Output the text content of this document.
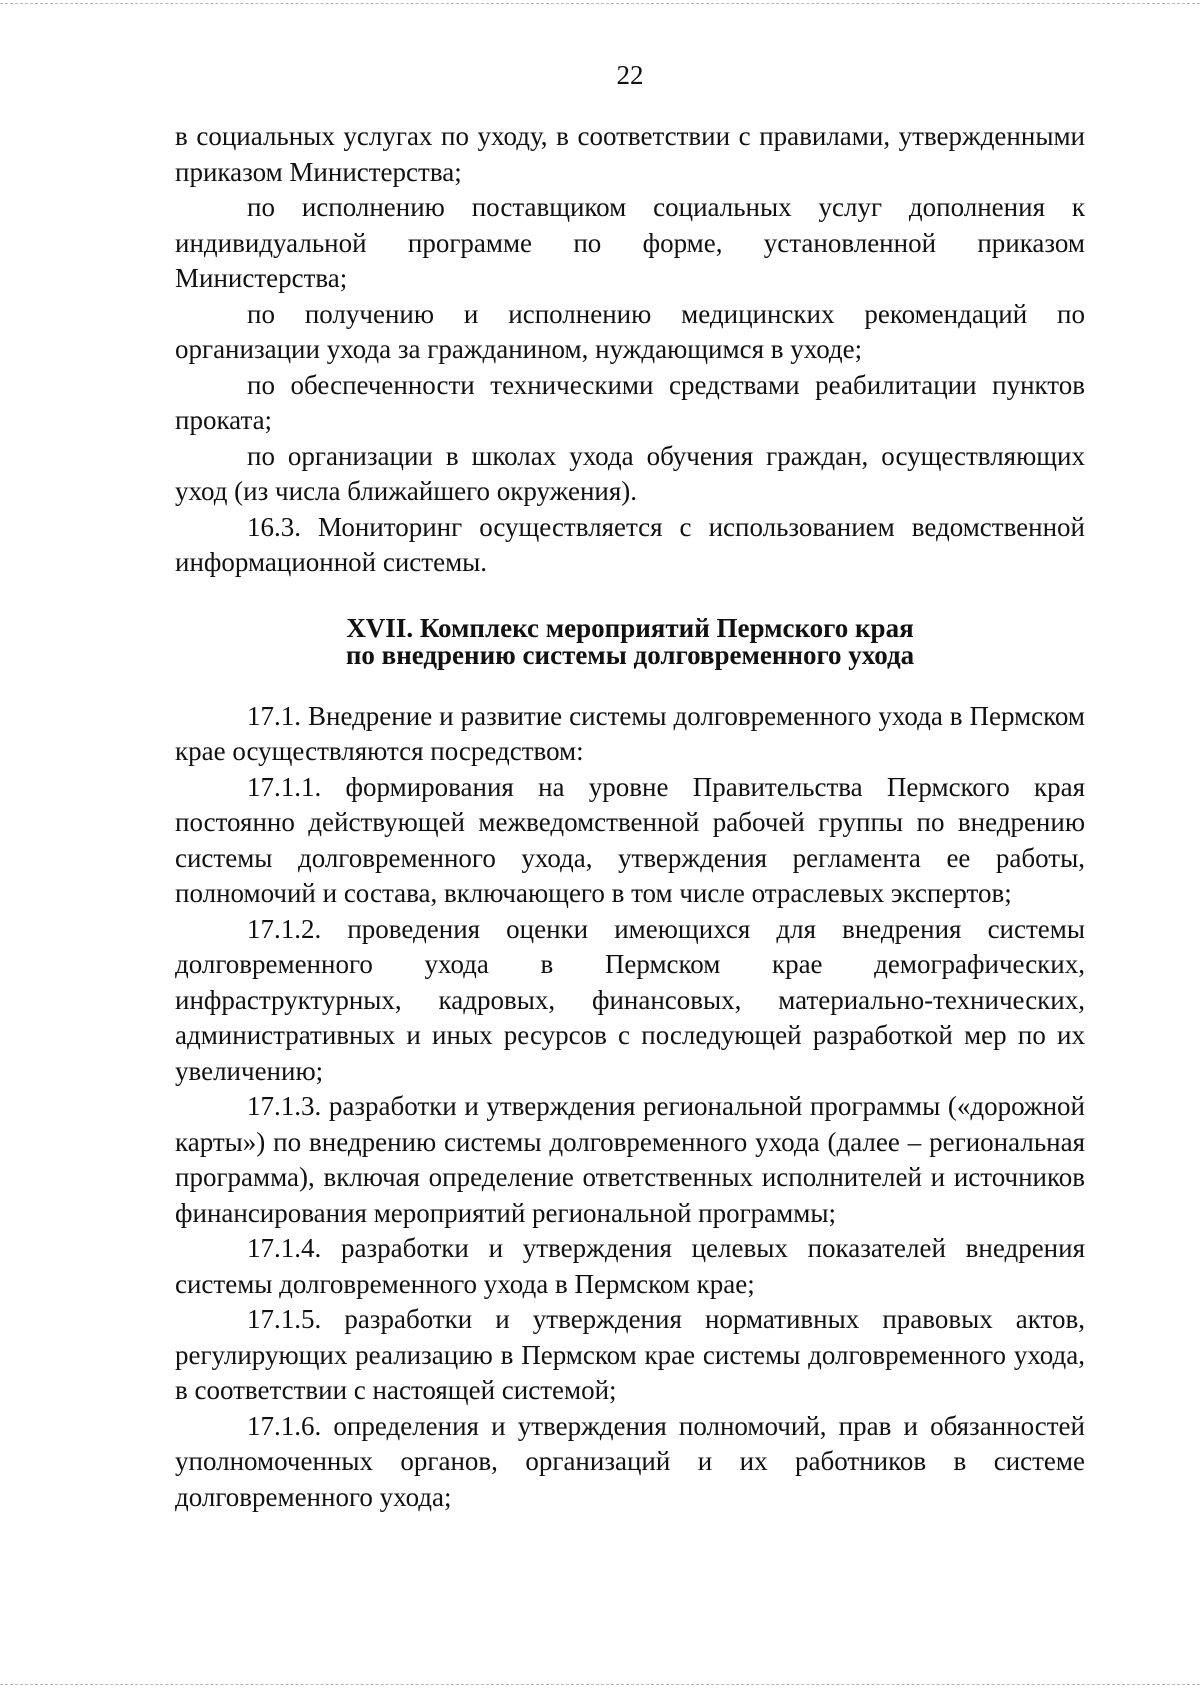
22

в социальных услугах по уходу, в соответствии с правилами, утвержденными приказом Министерства;

по исполнению поставщиком социальных услуг дополнения к индивидуальной программе по форме, установленной приказом Министерства;

по получению и исполнению медицинских рекомендаций по организации ухода за гражданином, нуждающимся в уходе;

по обеспеченности техническими средствами реабилитации пунктов проката;

по организации в школах ухода обучения граждан, осуществляющих уход (из числа ближайшего окружения).

16.3. Мониторинг осуществляется с использованием ведомственной информационной системы.

XVII. Комплекс мероприятий Пермского края
по внедрению системы долговременного ухода

17.1. Внедрение и развитие системы долговременного ухода в Пермском крае осуществляются посредством:

17.1.1. формирования на уровне Правительства Пермского края постоянно действующей межведомственной рабочей группы по внедрению системы долговременного ухода, утверждения регламента ее работы, полномочий и состава, включающего в том числе отраслевых экспертов;

17.1.2. проведения оценки имеющихся для внедрения системы долговременного ухода в Пермском крае демографических, инфраструктурных, кадровых, финансовых, материально-технических, административных и иных ресурсов с последующей разработкой мер по их увеличению;

17.1.3. разработки и утверждения региональной программы («дорожной карты») по внедрению системы долговременного ухода (далее – региональная программа), включая определение ответственных исполнителей и источников финансирования мероприятий региональной программы;

17.1.4. разработки и утверждения целевых показателей внедрения системы долговременного ухода в Пермском крае;

17.1.5. разработки и утверждения нормативных правовых актов, регулирующих реализацию в Пермском крае системы долговременного ухода, в соответствии с настоящей системой;

17.1.6. определения и утверждения полномочий, прав и обязанностей уполномоченных органов, организаций и их работников в системе долговременного ухода;
